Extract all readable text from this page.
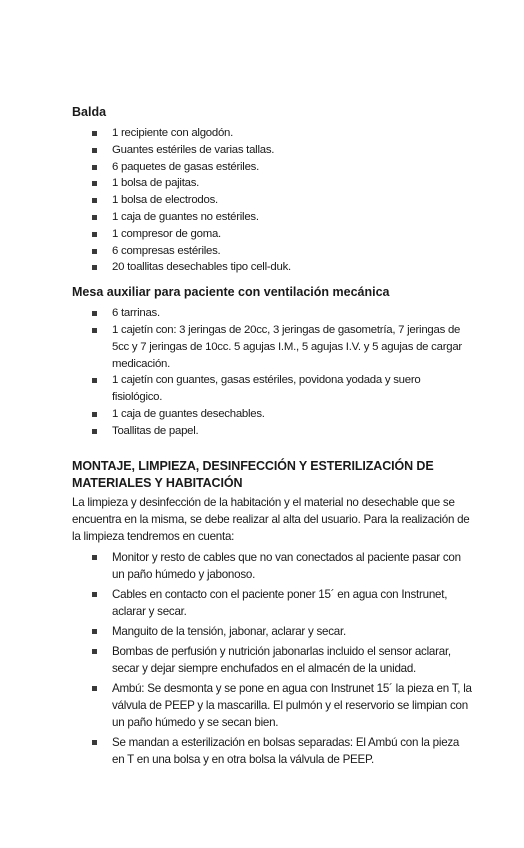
Balda
1 recipiente con algodón.
Guantes estériles de varias tallas.
6 paquetes de gasas estériles.
1 bolsa de pajitas.
1 bolsa de electrodos.
1 caja de guantes no estériles.
1 compresor de goma.
6 compresas estériles.
20 toallitas desechables tipo cell-duk.
Mesa auxiliar para paciente con ventilación mecánica
6 tarrinas.
1 cajetín con: 3 jeringas de 20cc, 3 jeringas de gasometría, 7 jeringas de 5cc y 7 jeringas de 10cc. 5 agujas I.M., 5 agujas I.V. y 5 agujas de cargar medicación.
1 cajetín con guantes, gasas estériles, povidona yodada y suero fisiológico.
1 caja de guantes desechables.
Toallitas de papel.
MONTAJE, LIMPIEZA, DESINFECCIÓN Y ESTERILIZACIÓN DE MATERIALES Y HABITACIÓN

La limpieza y desinfección de la habitación y el material no desechable que se encuentra en la misma, se debe realizar al alta del usuario. Para la realización de la limpieza tendremos en cuenta:

Monitor y resto de cables que no van conectados al paciente pasar con un paño húmedo y jabonoso.
Cables en contacto con el paciente poner 15´ en agua con Instrunet, aclarar y secar.
Manguito de la tensión, jabonar, aclarar y secar.
Bombas de perfusión y nutrición jabonarlas incluido el sensor aclarar, secar y dejar siempre enchufados en el almacén de la unidad.
Ambú: Se desmonta y se pone en agua con Instrunet 15´ la pieza en T, la válvula de PEEP y la mascarilla. El pulmón y el reservorio se limpian con un paño húmedo y se secan bien.
Se mandan a esterilización en bolsas separadas: El Ambú con la pieza en T en una bolsa y en otra bolsa la válvula de PEEP.
